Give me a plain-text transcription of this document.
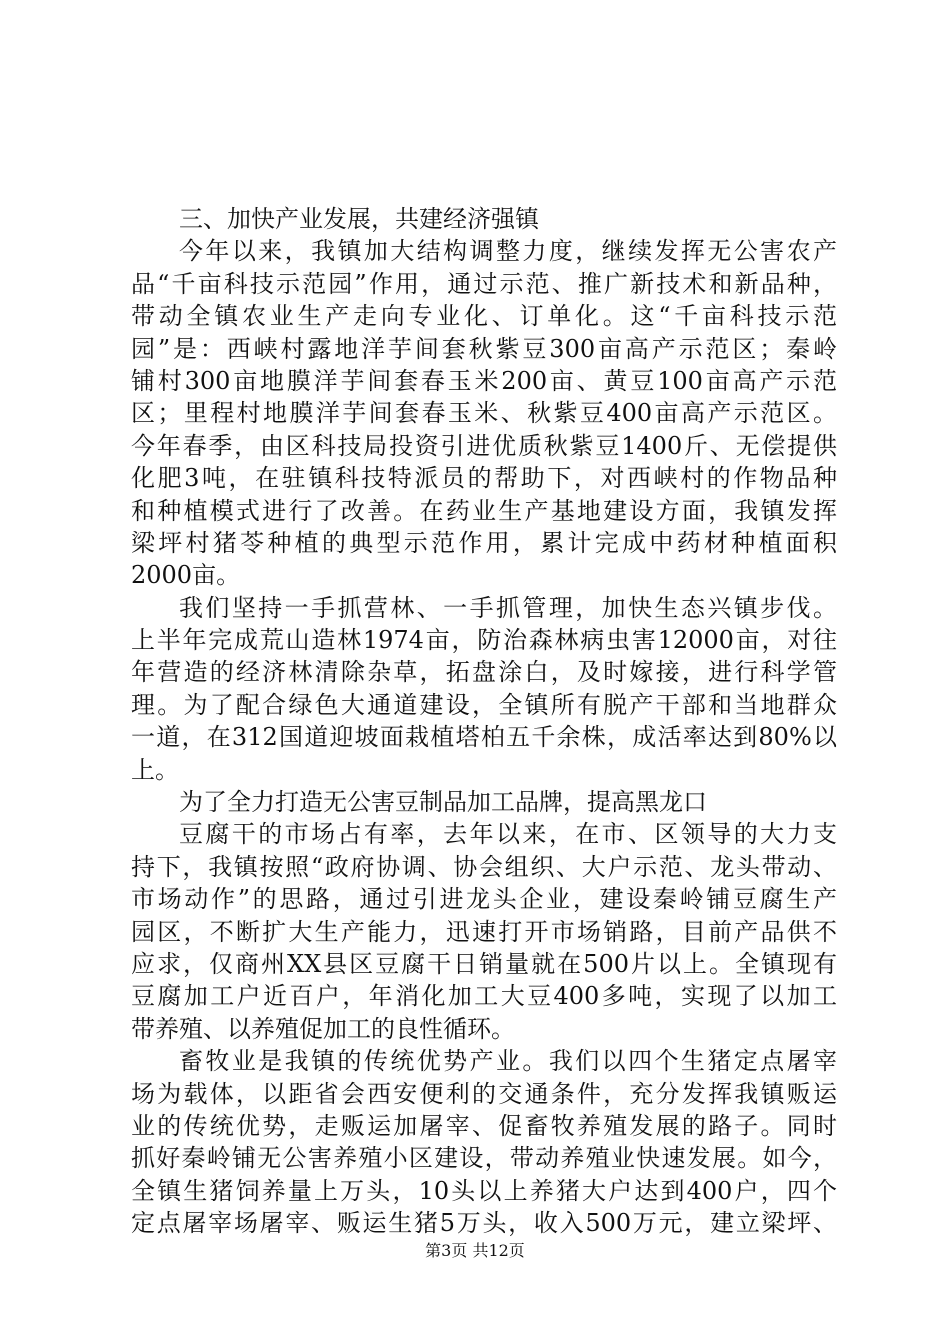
三、加快产业发展，共建经济强镇
今年以来，我镇加大结构调整力度，继续发挥无公害农产
品“千亩科技示范园”作用，通过示范、推广新技术和新品种，
带动全镇农业生产走向专业化、订单化。这“千亩科技示范
园”是：西峡村露地洋芋间套秋紫豆300亩高产示范区；秦岭
铺村300亩地膜洋芋间套春玉米200亩、黄豆100亩高产示范
区；里程村地膜洋芋间套春玉米、秋紫豆400亩高产示范区。
今年春季，由区科技局投资引进优质秋紫豆1400斤、无偿提供
化肥3吨，在驻镇科技特派员的帮助下，对西峡村的作物品种
和种植模式进行了改善。在药业生产基地建设方面，我镇发挥
梁坪村猪苓种植的典型示范作用，累计完成中药材种植面积
2000亩。
我们坚持一手抓营林、一手抓管理，加快生态兴镇步伐。
上半年完成荒山造林1974亩，防治森林病虫害12000亩，对往
年营造的经济林清除杂草，拓盘涂白，及时嫁接，进行科学管
理。为了配合绿色大通道建设，全镇所有脱产干部和当地群众
一道，在312国道迎坡面栽植塔柏五千余株，成活率达到80%以
上。
为了全力打造无公害豆制品加工品牌，提高黑龙口
豆腐干的市场占有率，去年以来，在市、区领导的大力支
持下，我镇按照“政府协调、协会组织、大户示范、龙头带动、
市场动作”的思路，通过引进龙头企业，建设秦岭铺豆腐生产
园区，不断扩大生产能力，迅速打开市场销路，目前产品供不
应求，仅商州XX县区豆腐干日销量就在500片以上。全镇现有
豆腐加工户近百户，年消化加工大豆400多吨，实现了以加工
带养殖、以养殖促加工的良性循环。
畜牧业是我镇的传统优势产业。我们以四个生猪定点屠宰
场为载体，以距省会西安便利的交通条件，充分发挥我镇贩运
业的传统优势，走贩运加屠宰、促畜牧养殖发展的路子。同时
抓好秦岭铺无公害养殖小区建设，带动养殖业快速发展。如今，
全镇生猪饲养量上万头，10头以上养猪大户达到400户，四个
定点屠宰场屠宰、贩运生猪5万头，收入500万元，建立梁坪、
第3页 共12页
